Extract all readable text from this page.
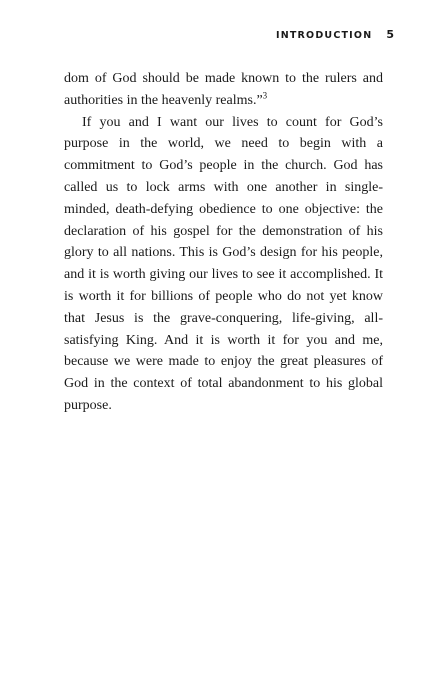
INTRODUCTION 5

dom of God should be made known to the rulers and authorities in the heavenly realms.”$^3$

If you and I want our lives to count for God’s purpose in the world, we need to begin with a commitment to God’s people in the church. God has called us to lock arms with one another in single-minded, death-defying obedience to one objective: the declaration of his gospel for the demonstration of his glory to all nations. This is God’s design for his people, and it is worth giving our lives to see it accomplished. It is worth it for billions of people who do not yet know that Jesus is the grave-conquering, life-giving, all-satisfying King. And it is worth it for you and me, because we were made to enjoy the great pleasures of God in the context of total abandonment to his global purpose.
